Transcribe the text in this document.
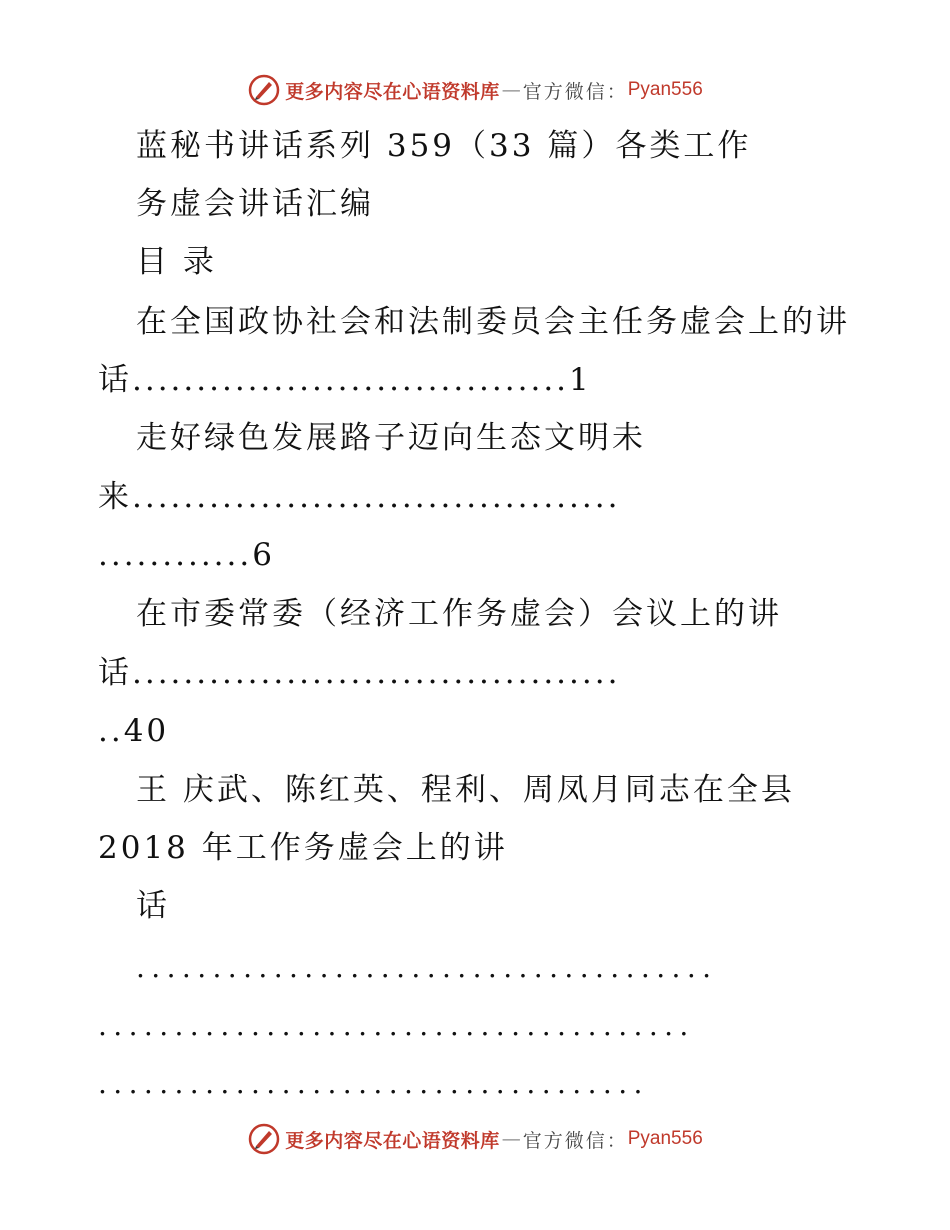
更多内容尽在心语资料库 — 官方微信： Pyan556
蓝秘书讲话系列 359（33 篇）各类工作
务虚会讲话汇编
目 录
在全国政协社会和法制委员会主任务虚会上的讲
话..................................1
走好绿色发展路子迈向生态文明未
来......................................
............6
在市委常委（经济工作务虚会）会议上的讲
话......................................
..40
王 庆武、陈红英、程利、周凤月同志在全县
2018 年工作务虚会上的讲
话
......................................
.......................................
....................................
更多内容尽在心语资料库 — 官方微信： Pyan556
